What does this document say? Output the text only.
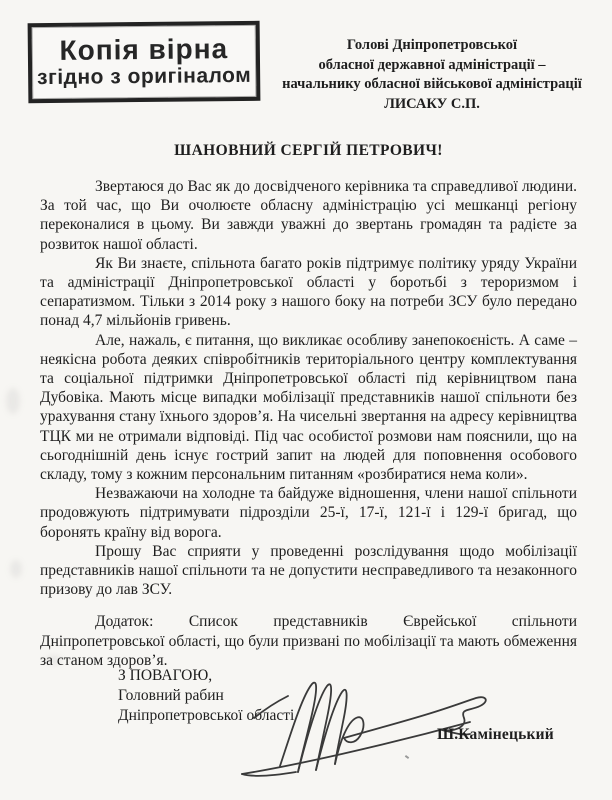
Копія вірна
згідно з оригіналом
Голові Дніпропетровської
обласної державної адміністрації –
начальнику обласної військової адміністрації
ЛИСАКУ С.П.
ШАНОВНИЙ СЕРГІЙ ПЕТРОВИЧ!

Звертаюся до Вас як до досвідченого керівника та справедливої людини. За той час, що Ви очолюєте обласну адміністрацію усі мешканці регіону переконалися в цьому. Ви завжди уважні до звертань громадян та радієте за розвиток нашої області.

Як Ви знаєте, спільнота багато років підтримує політику уряду України та адміністрації Дніпропетровської області у боротьбі з тероризмом і сепаратизмом. Тільки з 2014 року з нашого боку на потреби ЗСУ було передано понад 4,7 мільйонів гривень.

Але, нажаль, є питання, що викликає особливу занепокоєність. А саме – неякісна робота деяких співробітників територіального центру комплектування та соціальної підтримки Дніпропетровської області під керівництвом пана Дубовіка. Мають місце випадки мобілізації представників нашої спільноти без урахування стану їхнього здоров’я. На чисельні звертання на адресу керівництва ТЦК ми не отримали відповіді. Під час особистої розмови нам пояснили, що на сьогоднішній день існує гострий запит на людей для поповнення особового складу, тому з кожним персональним питанням «розбиратися нема коли».

Незважаючи на холодне та байдуже відношення, члени нашої спільноти продовжують підтримувати підрозділи 25-ї, 17-ї, 121-ї і 129-ї бригад, що боронять країну від ворога.

Прошу Вас сприяти у проведенні розслідування щодо мобілізації представників нашої спільноти та не допустити несправедливого та незаконного призову до лав ЗСУ.

Додаток: Список представників Єврейської спільноти Дніпропетровської області, що були призвані по мобілізації та мають обмеження за станом здоров’я.

З ПОВАГОЮ,
Головний рабин
Дніпропетровської області
Ш.Камінецький
